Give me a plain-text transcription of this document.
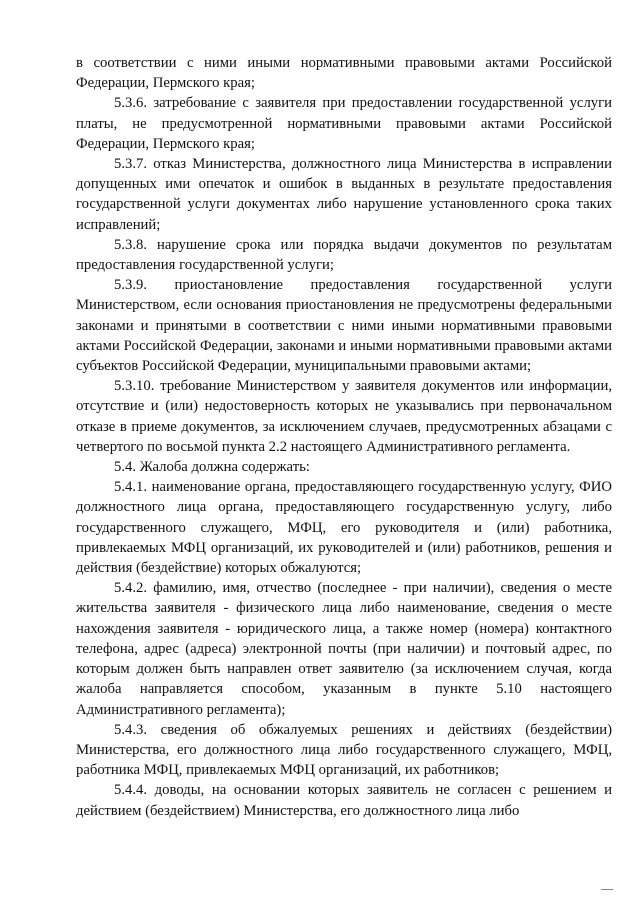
в соответствии с ними иными нормативными правовыми актами Российской Федерации, Пермского края;

5.3.6. затребование с заявителя при предоставлении государственной услуги платы, не предусмотренной нормативными правовыми актами Российской Федерации, Пермского края;

5.3.7. отказ Министерства, должностного лица Министерства в исправлении допущенных ими опечаток и ошибок в выданных в результате предоставления государственной услуги документах либо нарушение установленного срока таких исправлений;

5.3.8. нарушение срока или порядка выдачи документов по результатам предоставления государственной услуги;

5.3.9. приостановление предоставления государственной услуги Министерством, если основания приостановления не предусмотрены федеральными законами и принятыми в соответствии с ними иными нормативными правовыми актами Российской Федерации, законами и иными нормативными правовыми актами субъектов Российской Федерации, муниципальными правовыми актами;

5.3.10. требование Министерством у заявителя документов или информации, отсутствие и (или) недостоверность которых не указывались при первоначальном отказе в приеме документов, за исключением случаев, предусмотренных абзацами с четвертого по восьмой пункта 2.2 настоящего Административного регламента.

5.4. Жалоба должна содержать:

5.4.1. наименование органа, предоставляющего государственную услугу, ФИО должностного лица органа, предоставляющего государственную услугу, либо государственного служащего, МФЦ, его руководителя и (или) работника, привлекаемых МФЦ организаций, их руководителей и (или) работников, решения и действия (бездействие) которых обжалуются;

5.4.2. фамилию, имя, отчество (последнее - при наличии), сведения о месте жительства заявителя - физического лица либо наименование, сведения о месте нахождения заявителя - юридического лица, а также номер (номера) контактного телефона, адрес (адреса) электронной почты (при наличии) и почтовый адрес, по которым должен быть направлен ответ заявителю (за исключением случая, когда жалоба направляется способом, указанным в пункте 5.10 настоящего Административного регламента);

5.4.3. сведения об обжалуемых решениях и действиях (бездействии) Министерства, его должностного лица либо государственного служащего, МФЦ, работника МФЦ, привлекаемых МФЦ организаций, их работников;

5.4.4. доводы, на основании которых заявитель не согласен с решением и действием (бездействием) Министерства, его должностного лица либо
